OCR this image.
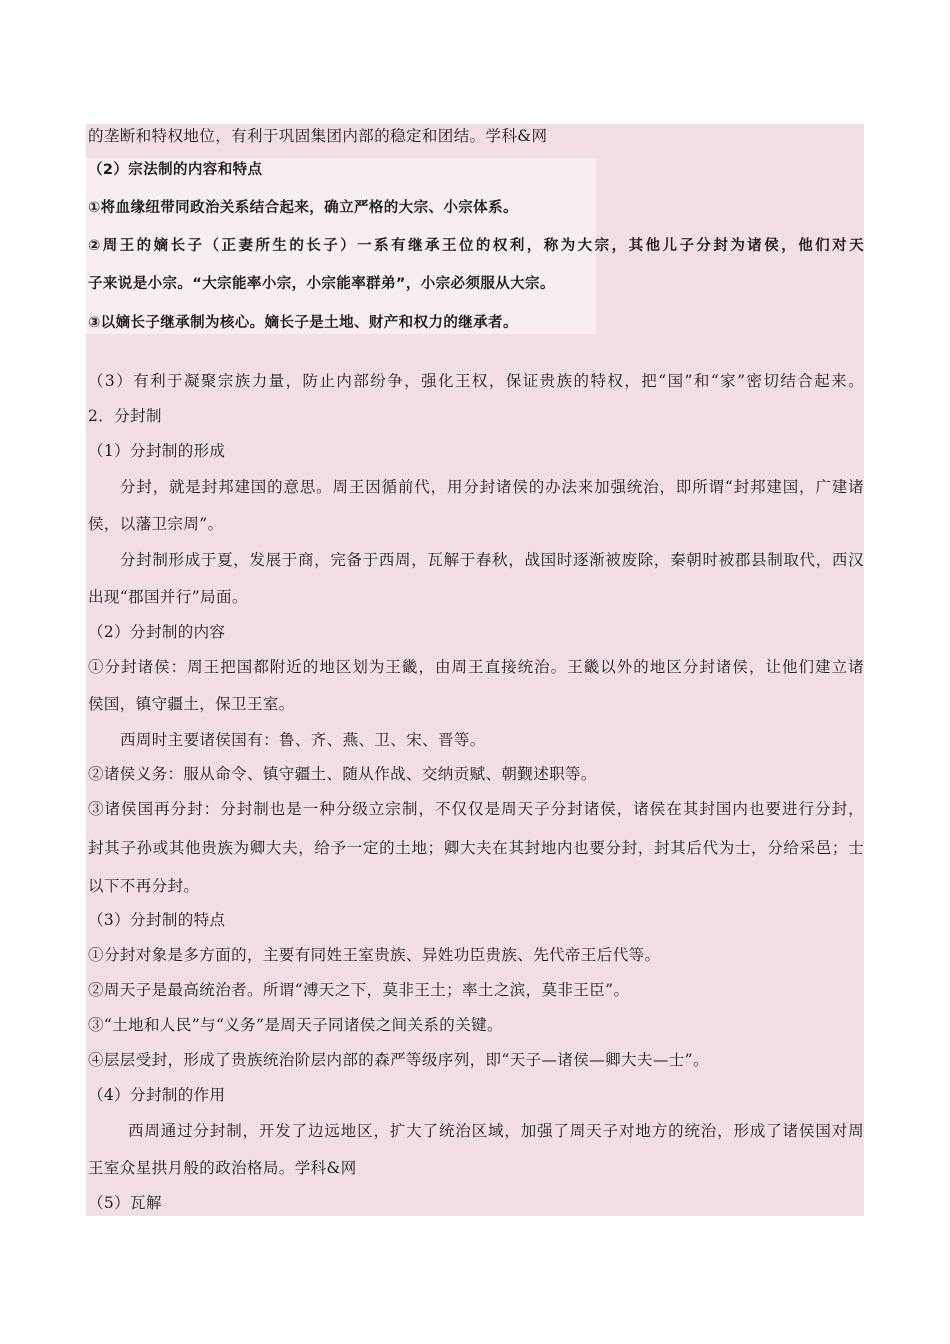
的垄断和特权地位，有利于巩固集团内部的稳定和团结。学科&网
（2）宗法制的内容和特点
①将血缘纽带同政治关系结合起来，确立严格的大宗、小宗体系。
②周王的嫡长子（正妻所生的长子）一系有继承王位的权利，称为大宗，其他儿子分封为诸侯，他们对天
子来说是小宗。“大宗能率小宗，小宗能率群弟”，小宗必须服从大宗。
③以嫡长子继承制为核心。嫡长子是土地、财产和权力的继承者。
（3）有利于凝聚宗族力量，防止内部纷争，强化王权，保证贵族的特权，把“国”和“家”密切结合起来。
2．分封制
（1）分封制的形成
分封，就是封邦建国的意思。周王因循前代，用分封诸侯的办法来加强统治，即所谓“封邦建国，广建诸
侯，以藩卫宗周”。
分封制形成于夏，发展于商，完备于西周，瓦解于春秋，战国时逐渐被废除，秦朝时被郡县制取代，西汉
出现“郡国并行”局面。
（2）分封制的内容
①分封诸侯：周王把国都附近的地区划为王畿，由周王直接统治。王畿以外的地区分封诸侯，让他们建立诸
侯国，镇守疆土，保卫王室。
西周时主要诸侯国有：鲁、齐、燕、卫、宋、晋等。
②诸侯义务：服从命令、镇守疆土、随从作战、交纳贡赋、朝觐述职等。
③诸侯国再分封：分封制也是一种分级立宗制，不仅仅是周天子分封诸侯，诸侯在其封国内也要进行分封，
封其子孙或其他贵族为卿大夫，给予一定的土地；卿大夫在其封地内也要分封，封其后代为士，分给采邑；士
以下不再分封。
（3）分封制的特点
①分封对象是多方面的，主要有同姓王室贵族、异姓功臣贵族、先代帝王后代等。
②周天子是最高统治者。所谓“溥天之下，莫非王土；率土之滨，莫非王臣”。
③“土地和人民”与“义务”是周天子同诸侯之间关系的关键。
④层层受封，形成了贵族统治阶层内部的森严等级序列，即“天子—诸侯—卿大夫—士”。
（4）分封制的作用
西周通过分封制，开发了边远地区，扩大了统治区域，加强了周天子对地方的统治，形成了诸侯国对周
王室众星拱月般的政治格局。学科&网
（5）瓦解
